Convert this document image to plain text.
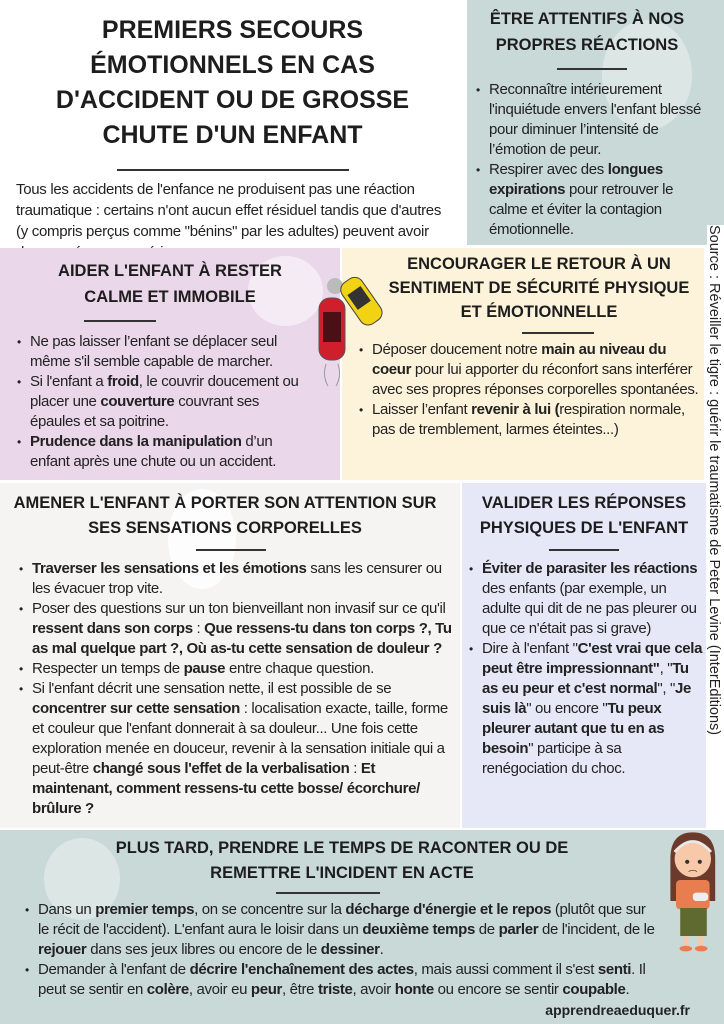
PREMIERS SECOURS
ÉMOTIONNELS EN CAS
D'ACCIDENT OU DE GROSSE
CHUTE D'UN ENFANT

Tous les accidents de l'enfance ne produisent pas une réaction traumatique : certains n'ont aucun effet résiduel tandis que d'autres (y compris perçus comme "bénins" par les adultes) peuvent avoir

ÊTRE ATTENTIFS À NOS PROPRES RÉACTIONS
• Reconnaître intérieurement l'inquiétude envers l'enfant blessé pour diminuer l’intensité de l’émotion de peur.
• Respirer avec des longues expirations pour retrouver le calme et éviter la contagion émotionnelle.
AIDER L'ENFANT À RESTER CALME ET IMMOBILE
• Ne pas laisser l’enfant se déplacer seul même s'il semble capable de marcher.
• Si l'enfant a froid, le couvrir doucement ou placer une couverture couvrant ses épaules et sa poitrine.
• Prudence dans la manipulation d’un enfant après une chute ou un accident.
ENCOURAGER LE RETOUR À UN SENTIMENT DE SÉCURITÉ PHYSIQUE ET ÉMOTIONNELLE
• Déposer doucement notre main au niveau du coeur pour lui apporter du réconfort sans interférer avec ses propres réponses corporelles spontanées.
• Laisser l’enfant revenir à lui (respiration normale, pas de tremblement, larmes éteintes...)
AMENER L'ENFANT À PORTER SON ATTENTION SUR SES SENSATIONS CORPORELLES
• Traverser les sensations et les émotions sans les censurer ou les évacuer trop vite.
• Poser des questions sur un ton bienveillant non invasif sur ce qu'il ressent dans son corps : Que ressens-tu dans ton corps ?, Tu as mal quelque part ?, Où as-tu cette sensation de douleur ?
• Respecter un temps de pause entre chaque question.
• Si l'enfant décrit une sensation nette, il est possible de se concentrer sur cette sensation : localisation exacte, taille, forme et couleur que l'enfant donnerait à sa douleur... Une fois cette exploration menée en douceur, revenir à la sensation initiale qui a peut-être changé sous l'effet de la verbalisation : Et maintenant, comment ressens-tu cette bosse/ écorchure/ brûlure ?
VALIDER LES RÉPONSES PHYSIQUES DE L'ENFANT
• Éviter de parasiter les réactions des enfants (par exemple, un adulte qui dit de ne pas pleurer ou que ce n'était pas si grave)
• Dire à l'enfant "C'est vrai que cela peut être impressionnant", "Tu as eu peur et c'est normal", "Je suis là" ou encore "Tu peux pleurer autant que tu en as besoin" participe à sa renégociation du choc.
PLUS TARD, PRENDRE LE TEMPS DE RACONTER OU DE REMETTRE L'INCIDENT EN ACTE
• Dans un premier temps, on se concentre sur la décharge d'énergie et le repos (plutôt que sur le récit de l'accident). L'enfant aura le loisir dans un deuxième temps de parler de l'incident, de le rejouer dans ses jeux libres ou encore de le dessiner.
• Demander à l'enfant de décrire l'enchaînement des actes, mais aussi comment il s'est senti. Il peut se sentir en colère, avoir eu peur, être triste, avoir honte ou encore se sentir coupable.
apprendreaeduquer.fr
Source : Réveiller le tigre : guérir le traumatisme de Peter Levine (InterEditions)
